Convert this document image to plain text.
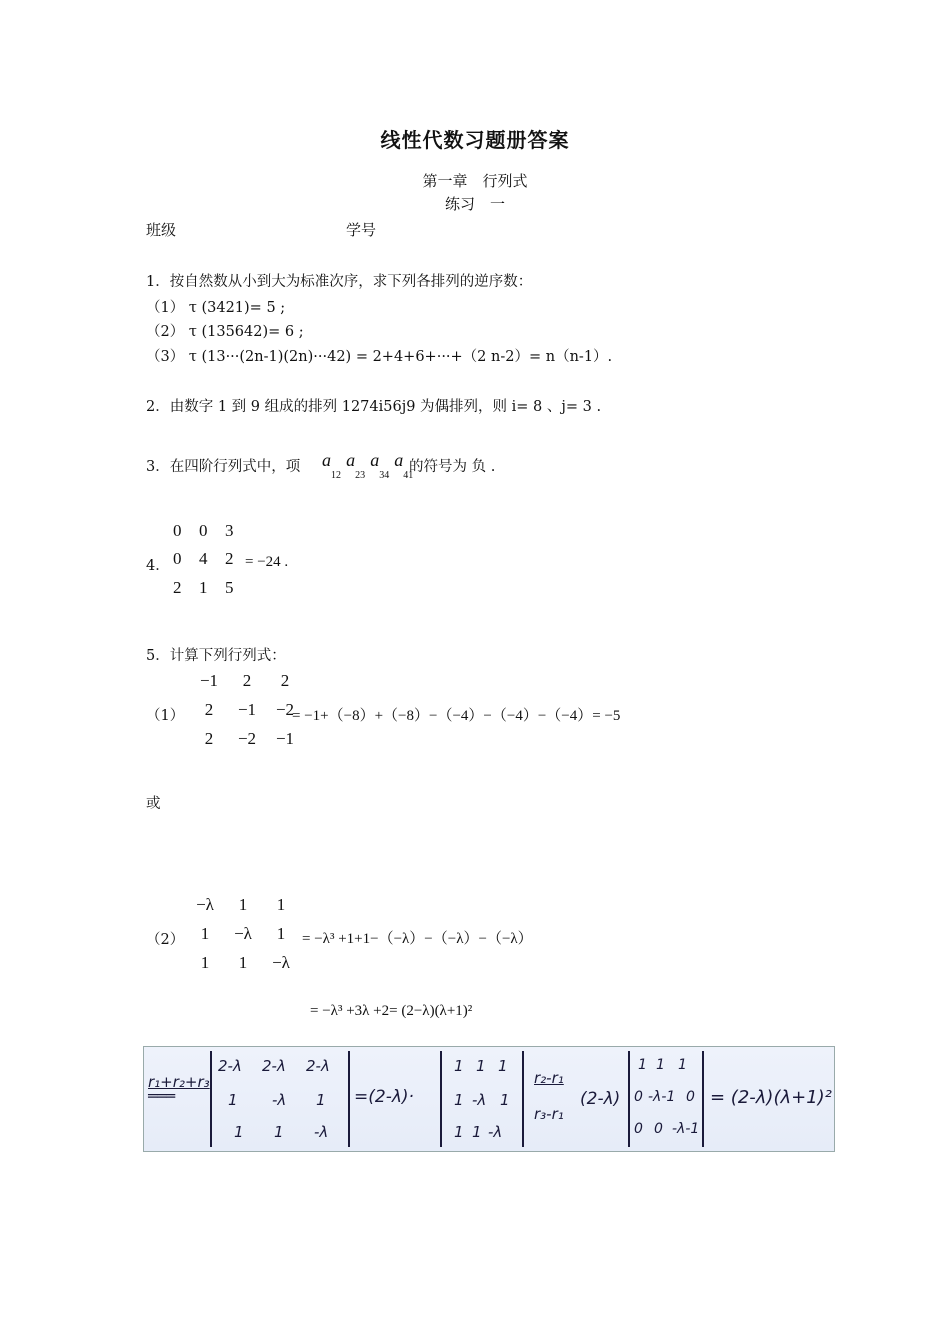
线性代数习题册答案
第一章　行列式
练习　一
班级	学号
1．按自然数从小到大为标准次序，求下列各排列的逆序数：
（1） τ (3421)= 5 ;
（2） τ (135642)= 6 ;
（3） τ (13···(2n-1)(2n)···42) = 2+4+6+···+（2 n-2）= n（n-1）.
2．由数字 1 到 9 组成的排列 1274i56j9 为偶排列，则 i= 8 、j= 3 .
3．在四阶行列式中，项 $a_{12}$ $a_{23}$ $a_{34}$ $a_{41}$
的符号为 负 .
4．
0 0 3
0 4 2
2 1 5
= −24 .
5．计算下列行列式：
（1）
−1 2 2
2 −1 −2
2 −2 −1
= −1+（−8）+（−8）−（−4）−（−4）−（−4）= −5
或
（2）
−λ 1 1
1 −λ 1
1 1 −λ
= −λ³ +1+1−（−λ）−（−λ）−（−λ）
= −λ³ +3λ +2= (2−λ)(λ+1)²
r₁+r₂+r₃
═══
2-λ 2-λ 2-λ
1 -λ 1
1 1 -λ
=(2-λ)·
1 1 1
1 -λ 1
1 1 -λ
r₂-r₁
r₃-r₁
(2-λ)
1 1 1
0 -λ-1 0
0 0 -λ-1
= (2-λ)(λ+1)²
